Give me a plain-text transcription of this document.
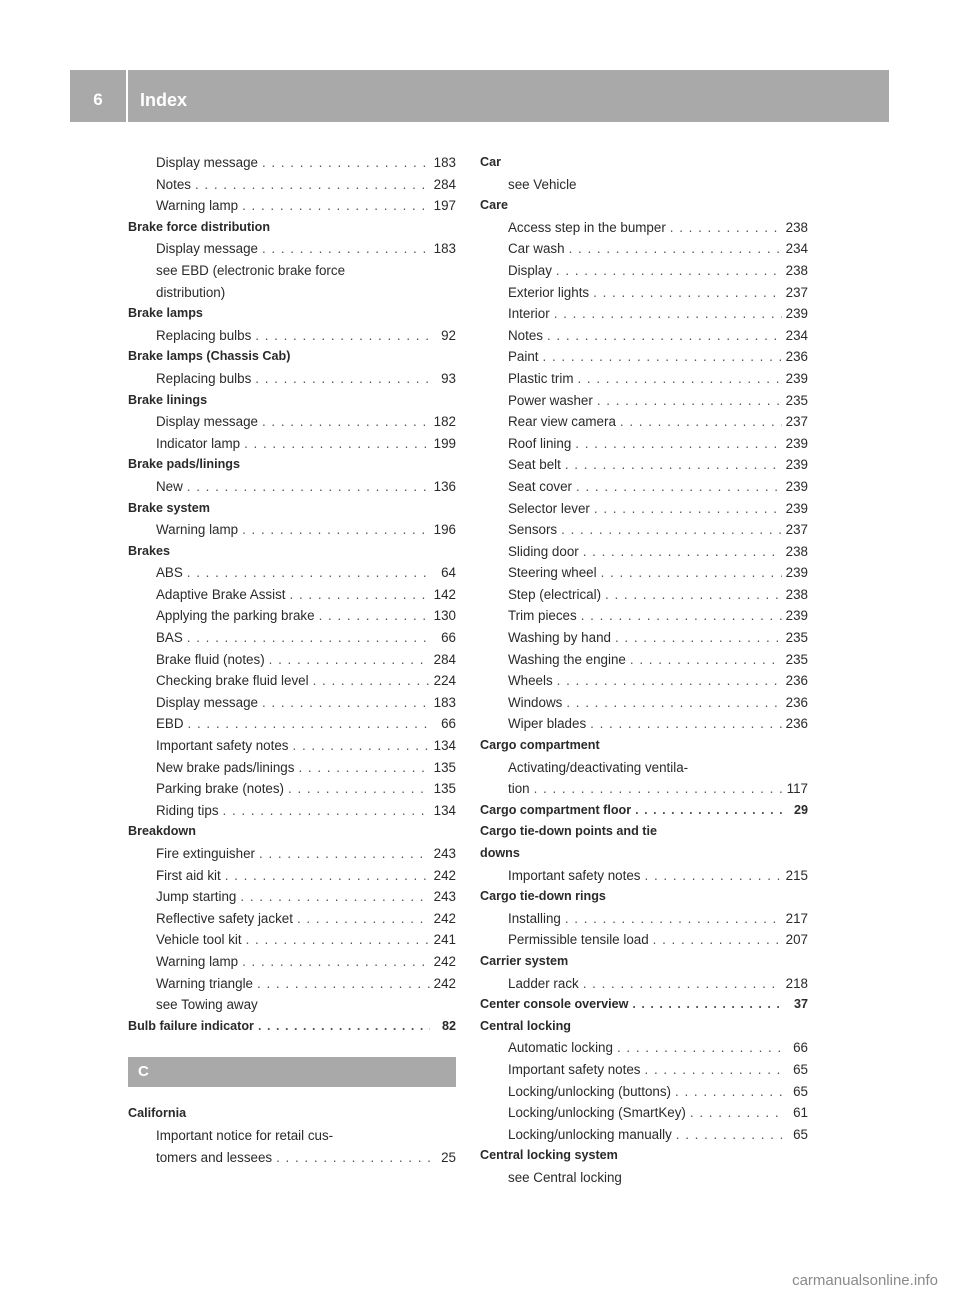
6	Index
Display message . . .	183
Notes . . .	284
Warning lamp . . .	197
Brake force distribution
Display message . . .	183
see EBD (electronic brake force
distribution)
Brake lamps
Replacing bulbs . . .	92
Brake lamps (Chassis Cab)
Replacing bulbs . . .	93
Brake linings
Display message . . .	182
Indicator lamp . . .	199
Brake pads/linings
New . . .	136
Brake system
Warning lamp . . .	196
Brakes
ABS . . .	64
Adaptive Brake Assist . . .	142
Applying the parking brake . . .	130
BAS . . .	66
Brake fluid (notes) . . .	284
Checking brake fluid level . . .	224
Display message . . .	183
EBD . . .	66
Important safety notes . . .	134
New brake pads/linings . . .	135
Parking brake (notes) . . .	135
Riding tips . . .	134
Breakdown
Fire extinguisher . . .	243
First aid kit . . .	242
Jump starting . . .	243
Reflective safety jacket . . .	242
Vehicle tool kit . . .	241
Warning lamp . . .	242
Warning triangle . . .	242
see Towing away
Bulb failure indicator . . .	82
C
California
Important notice for retail cus-
tomers and lessees . . .	25
Car
see Vehicle
Care
Access step in the bumper . . .	238
Car wash . . .	234
Display . . .	238
Exterior lights . . .	237
Interior . . .	239
Notes . . .	234
Paint . . .	236
Plastic trim . . .	239
Power washer . . .	235
Rear view camera . . .	237
Roof lining . . .	239
Seat belt . . .	239
Seat cover . . .	239
Selector lever . . .	239
Sensors . . .	237
Sliding door . . .	238
Steering wheel . . .	239
Step (electrical) . . .	238
Trim pieces . . .	239
Washing by hand . . .	235
Washing the engine . . .	235
Wheels . . .	236
Windows . . .	236
Wiper blades . . .	236
Cargo compartment
Activating/deactivating ventila-
tion . . .	117
Cargo compartment floor . . .	29
Cargo tie-down points and tie
downs
Important safety notes . . .	215
Cargo tie-down rings
Installing . . .	217
Permissible tensile load . . .	207
Carrier system
Ladder rack . . .	218
Center console overview . . .	37
Central locking
Automatic locking . . .	66
Important safety notes . . .	65
Locking/unlocking (buttons) . . .	65
Locking/unlocking (SmartKey) . . .	61
Locking/unlocking manually . . .	65
Central locking system
see Central locking
carmanualsonline.info
